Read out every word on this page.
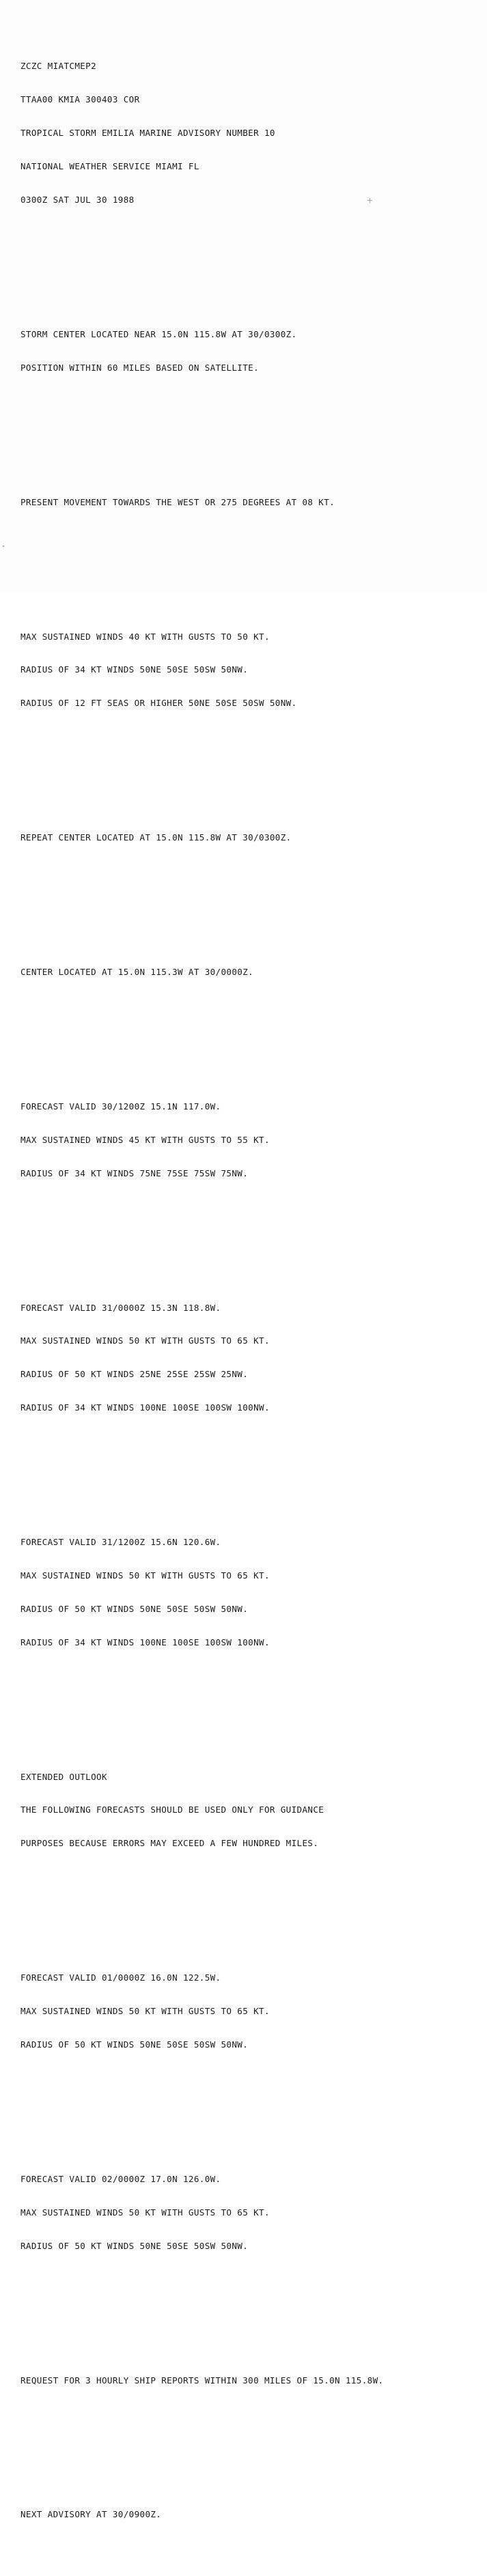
ZCZC MIATCMEP2

TTAA00 KMIA 300403 COR

TROPICAL STORM EMILIA MARINE ADVISORY NUMBER 10

NATIONAL WEATHER SERVICE MIAMI FL

0300Z SAT JUL 30 1988

STORM CENTER LOCATED NEAR 15.0N 115.8W AT 30/0300Z.

POSITION WITHIN 60 MILES BASED ON SATELLITE.

PRESENT MOVEMENT TOWARDS THE WEST OR 275 DEGREES AT 08 KT.

MAX SUSTAINED WINDS 40 KT WITH GUSTS TO 50 KT.

RADIUS OF 34 KT WINDS 50NE 50SE 50SW 50NW.

RADIUS OF 12 FT SEAS OR HIGHER 50NE 50SE 50SW 50NW.

REPEAT CENTER LOCATED AT 15.0N 115.8W AT 30/0300Z.

CENTER LOCATED AT 15.0N 115.3W AT 30/0000Z.

FORECAST VALID 30/1200Z 15.1N 117.0W.

MAX SUSTAINED WINDS 45 KT WITH GUSTS TO 55 KT.

RADIUS OF 34 KT WINDS 75NE 75SE 75SW 75NW.

FORECAST VALID 31/0000Z 15.3N 118.8W.

MAX SUSTAINED WINDS 50 KT WITH GUSTS TO 65 KT.

RADIUS OF 50 KT WINDS 25NE 25SE 25SW 25NW.

RADIUS OF 34 KT WINDS 100NE 100SE 100SW 100NW.

FORECAST VALID 31/1200Z 15.6N 120.6W.

MAX SUSTAINED WINDS 50 KT WITH GUSTS TO 65 KT.

RADIUS OF 50 KT WINDS 50NE 50SE 50SW 50NW.

RADIUS OF 34 KT WINDS 100NE 100SE 100SW 100NW.

EXTENDED OUTLOOK

THE FOLLOWING FORECASTS SHOULD BE USED ONLY FOR GUIDANCE

PURPOSES BECAUSE ERRORS MAY EXCEED A FEW HUNDRED MILES.

FORECAST VALID 01/0000Z 16.0N 122.5W.

MAX SUSTAINED WINDS 50 KT WITH GUSTS TO 65 KT.

RADIUS OF 50 KT WINDS 50NE 50SE 50SW 50NW.

FORECAST VALID 02/0000Z 17.0N 126.0W.

MAX SUSTAINED WINDS 50 KT WITH GUSTS TO 65 KT.

RADIUS OF 50 KT WINDS 50NE 50SE 50SW 50NW.

REQUEST FOR 3 HOURLY SHIP REPORTS WITHIN 300 MILES OF 15.0N 115.8W.

NEXT ADVISORY AT 30/0900Z.
